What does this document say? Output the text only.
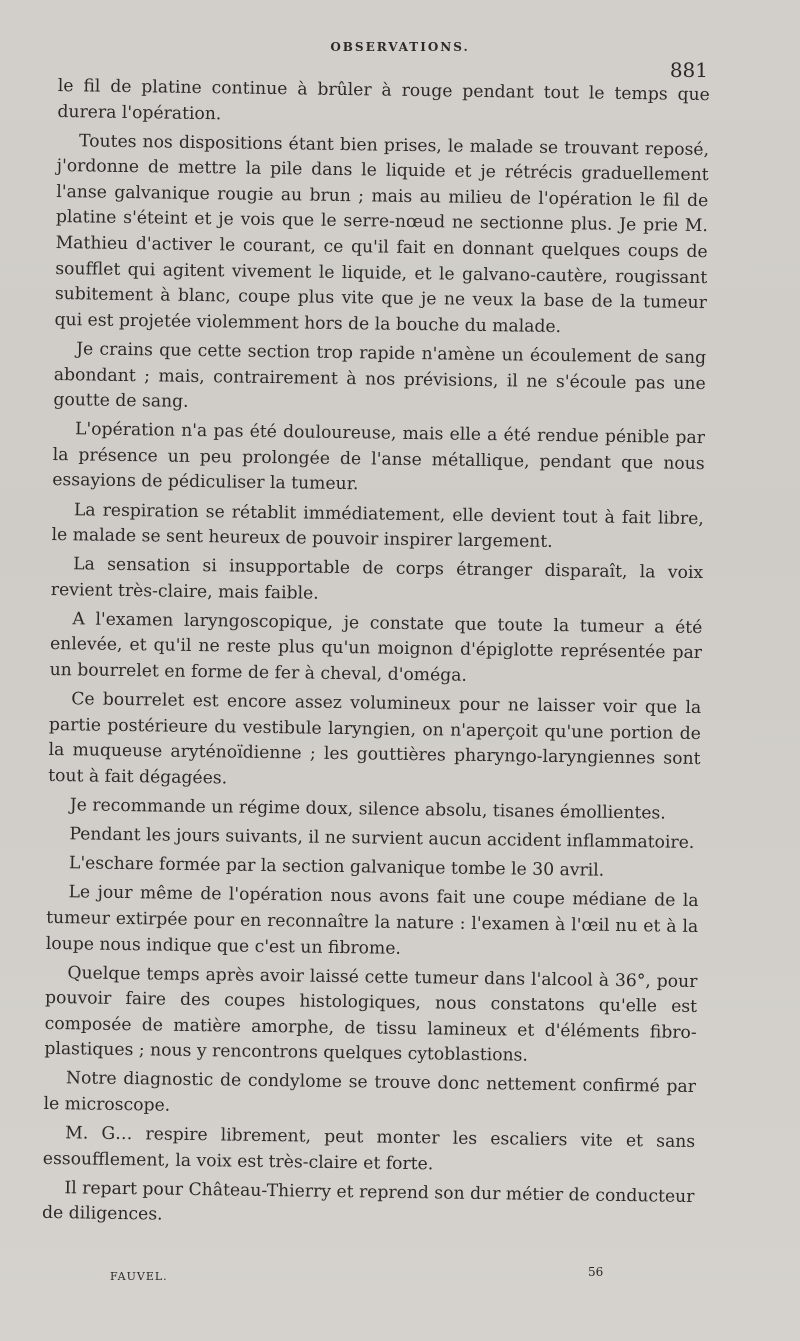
OBSERVATIONS.
881

le fil de platine continue à brûler à rouge pendant tout le temps que durera l'opération.

Toutes nos dispositions étant bien prises, le malade se trouvant reposé, j'ordonne de mettre la pile dans le liquide et je rétrécis graduellement l'anse galvanique rougie au brun ; mais au milieu de l'opération le fil de platine s'éteint et je vois que le serre-nœud ne sectionne plus. Je prie M. Mathieu d'activer le courant, ce qu'il fait en donnant quelques coups de soufflet qui agitent vivement le liquide, et le galvano-cautère, rougissant subitement à blanc, coupe plus vite que je ne veux la base de la tumeur qui est projetée violemment hors de la bouche du malade.

Je crains que cette section trop rapide n'amène un écoulement de sang abondant ; mais, contrairement à nos prévisions, il ne s'écoule pas une goutte de sang.

L'opération n'a pas été douloureuse, mais elle a été rendue pénible par la présence un peu prolongée de l'anse métallique, pendant que nous essayions de pédiculiser la tumeur.

La respiration se rétablit immédiatement, elle devient tout à fait libre, le malade se sent heureux de pouvoir inspirer largement.

La sensation si insupportable de corps étranger disparaît, la voix revient très-claire, mais faible.

A l'examen laryngoscopique, je constate que toute la tumeur a été enlevée, et qu'il ne reste plus qu'un moignon d'épiglotte représentée par un bourrelet en forme de fer à cheval, d'oméga.

Ce bourrelet est encore assez volumineux pour ne laisser voir que la partie postérieure du vestibule laryngien, on n'aperçoit qu'une portion de la muqueuse aryténoïdienne ; les gouttières pharyngo-laryngiennes sont tout à fait dégagées.

Je recommande un régime doux, silence absolu, tisanes émollientes.

Pendant les jours suivants, il ne survient aucun accident inflammatoire.

L'eschare formée par la section galvanique tombe le 30 avril.

Le jour même de l'opération nous avons fait une coupe médiane de la tumeur extirpée pour en reconnaître la nature : l'examen à l'œil nu et à la loupe nous indique que c'est un fibrome.

Quelque temps après avoir laissé cette tumeur dans l'alcool à 36°, pour pouvoir faire des coupes histologiques, nous constatons qu'elle est composée de matière amorphe, de tissu lamineux et d'éléments fibro-plastiques ; nous y rencontrons quelques cytoblastions.

Notre diagnostic de condylome se trouve donc nettement confirmé par le microscope.

M. G… respire librement, peut monter les escaliers vite et sans essoufflement, la voix est très-claire et forte.

Il repart pour Château-Thierry et reprend son dur métier de conducteur de diligences.

FAUVEL.	56
